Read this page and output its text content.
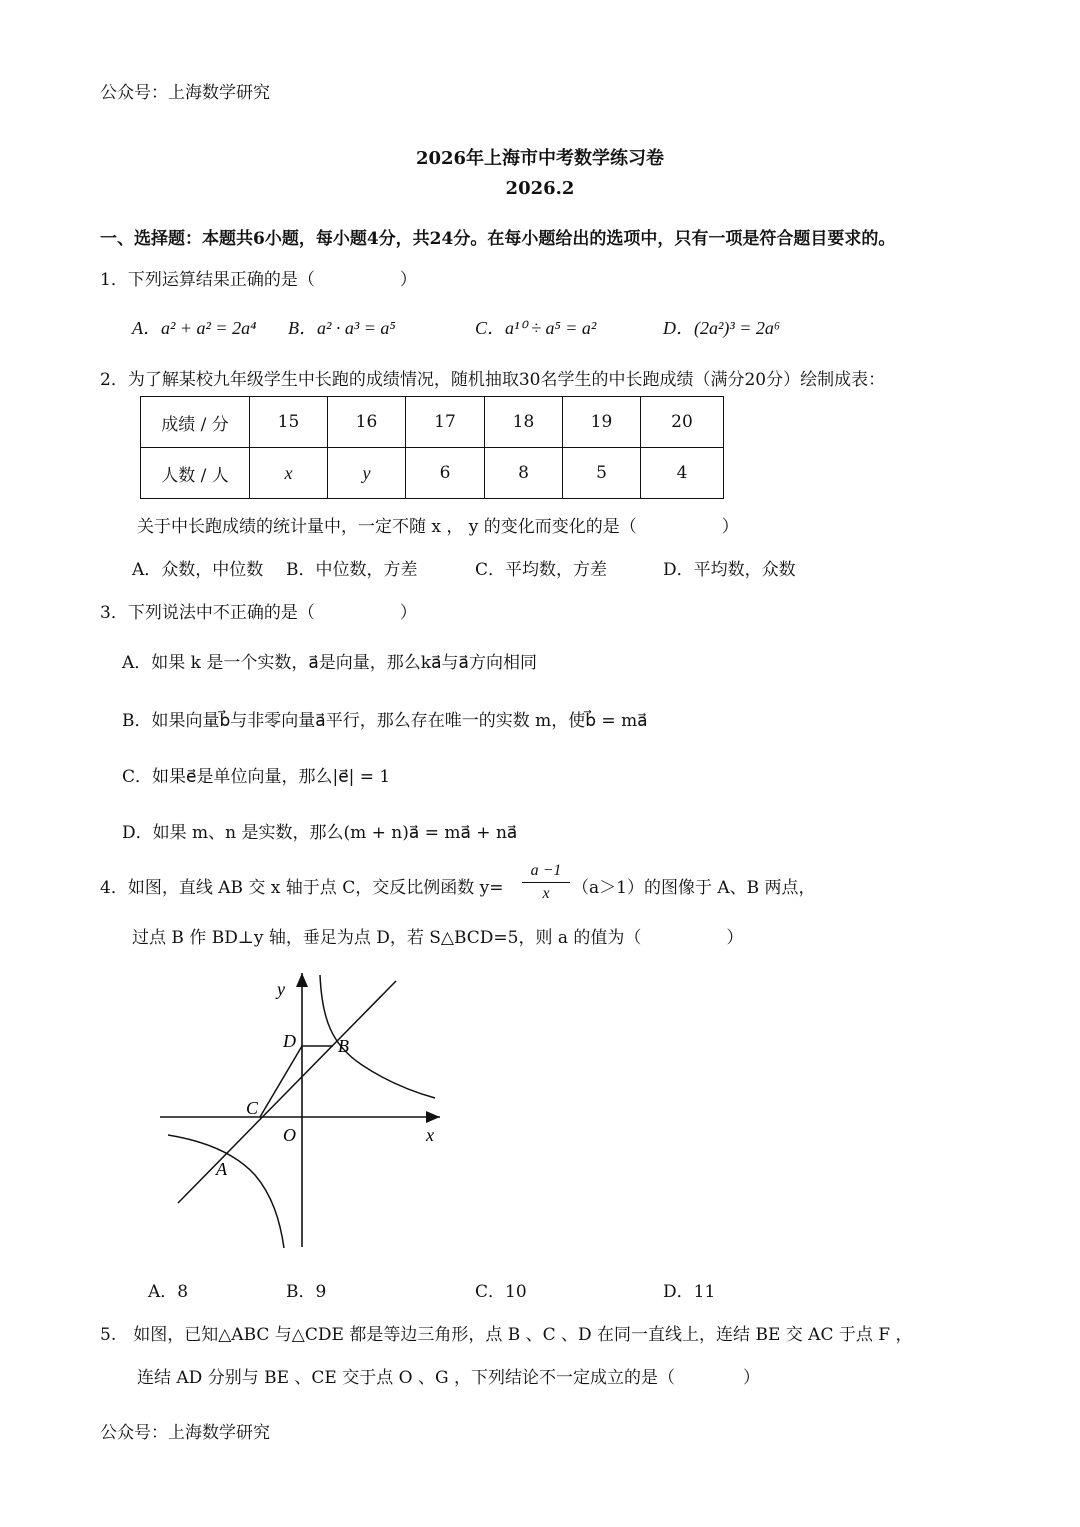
公众号：上海数学研究
2026年上海市中考数学练习卷
2026.2
一、选择题：本题共6小题，每小题4分，共24分。在每小题给出的选项中，只有一项是符合题目要求的。
1．下列运算结果正确的是（　　　　　）
A．a² + a² = 2a⁴ B．a² · a³ = a⁵	C．a¹⁰ ÷ a⁵ = a²	D．(2a²)³ = 2a⁶
2．为了解某校九年级学生中长跑的成绩情况，随机抽取30名学生的中长跑成绩（满分20分）绘制成表：
成绩 / 分	15	16	17	18	19	20
人数 / 人	x	y	6	8	5	4
关于中长跑成绩的统计量中，一定不随 x ， y 的变化而变化的是（　　　　　）
A．众数，中位数 B．中位数，方差	C．平均数，方差	D．平均数，众数
3．下列说法中不正确的是（　　　　　）
A．如果 k 是一个实数，a⃗是向量，那么ka⃗与a⃗方向相同
B．如果向量b⃗与非零向量a⃗平行，那么存在唯一的实数 m，使b⃗ = ma⃗
C．如果e⃗是单位向量，那么|e⃗| = 1
D．如果 m、n 是实数，那么(m + n)a⃗ = ma⃗ + na⃗
4．如图，直线 AB 交 x 轴于点 C，交反比例函数 $y= \frac{a -1}{x} (a>1)$的图像于 A、B 两点，
过点 B 作 BD⊥y 轴，垂足为点 D，若 S△BCD=5，则 a 的值为（　　　　　）
y
x
O
D B
C
A
A．8	B．9	C．10	D．11
5.　如图，已知△ABC 与△CDE 都是等边三角形，点 B 、C 、D 在同一直线上，连结 BE 交 AC 于点 F ，
连结 AD 分别与 BE 、CE 交于点 O 、G ，下列结论不一定成立的是（　　　　）
公众号：上海数学研究
